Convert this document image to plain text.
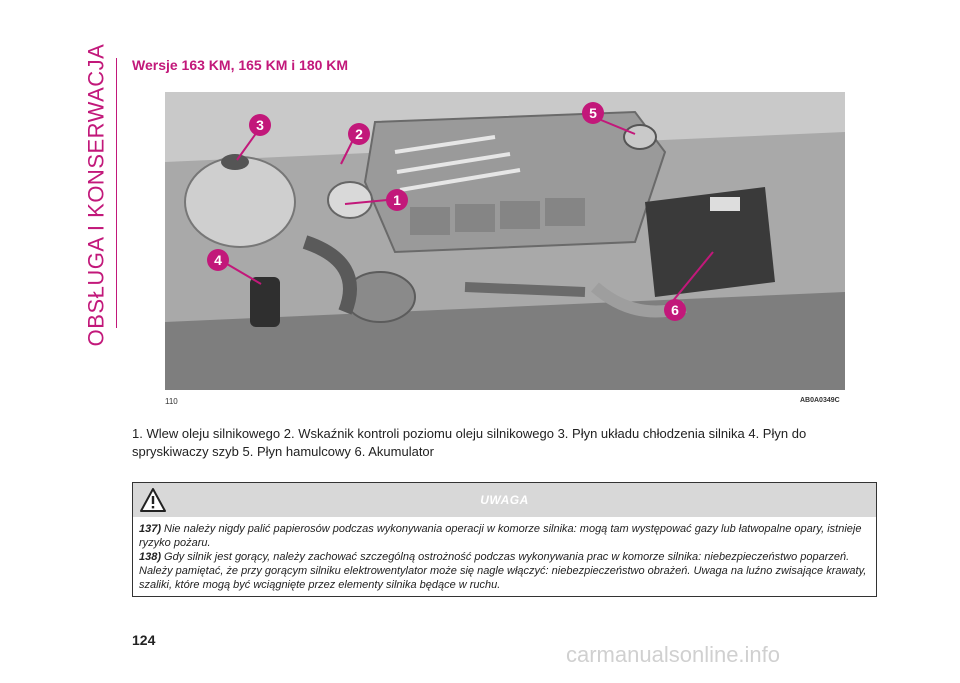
OBSŁUGA I KONSERWACJA Wersje 163 KM, 165 KM i 180 KM
1
2
3
4
5
6
110	AB0A0349C
1. Wlew oleju silnikowego 2. Wskaźnik kontroli poziomu oleju silnikowego 3. Płyn układu chłodzenia silnika 4. Płyn do spryskiwaczy szyb 5. Płyn hamulcowy 6. Akumulator
UWAGA

137) Nie należy nigdy palić papierosów podczas wykonywania operacji w komorze silnika: mogą tam występować gazy lub łatwopalne opary, istnieje ryzyko pożaru.

138) Gdy silnik jest gorący, należy zachować szczególną ostrożność podczas wykonywania prac w komorze silnika: niebezpieczeństwo poparzeń. Należy pamiętać, że przy gorącym silniku elektrowentylator może się nagle włączyć: niebezpieczeństwo obrażeń. Uwaga na luźno zwisające krawaty, szaliki, które mogą być wciągnięte przez elementy silnika będące w ruchu.

124
carmanualsonline.info
